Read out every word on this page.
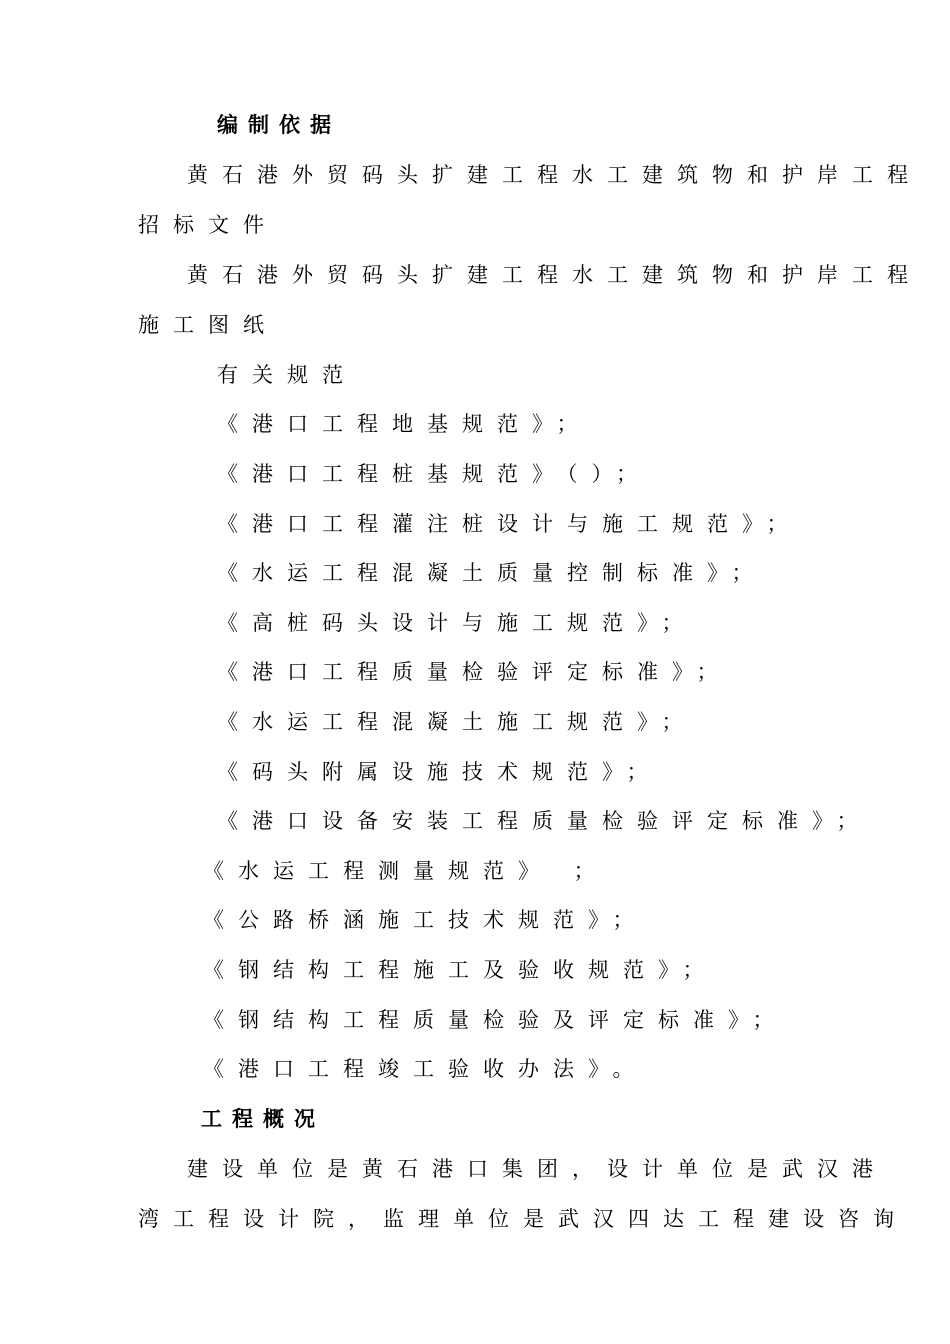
编制依据
黄石港外贸码头扩建工程水工建筑物和护岸工程
招标文件
黄石港外贸码头扩建工程水工建筑物和护岸工程
施工图纸
有关规范
《港口工程地基规范》；
《港口工程桩基规范》（）；
《港口工程灌注桩设计与施工规范》；
《水运工程混凝土质量控制标准》；
《高桩码头设计与施工规范》；
《港口工程质量检验评定标准》；
《水运工程混凝土施工规范》；
《码头附属设施技术规范》；
《港口设备安装工程质量检验评定标准》；
《水运工程测量规范》 ；
《公路桥涵施工技术规范》；
《钢结构工程施工及验收规范》；
《钢结构工程质量检验及评定标准》；
《港口工程竣工验收办法》。
工程概况
建设单位是黄石港口集团，设计单位是武汉港
湾工程设计院，监理单位是武汉四达工程建设咨询
